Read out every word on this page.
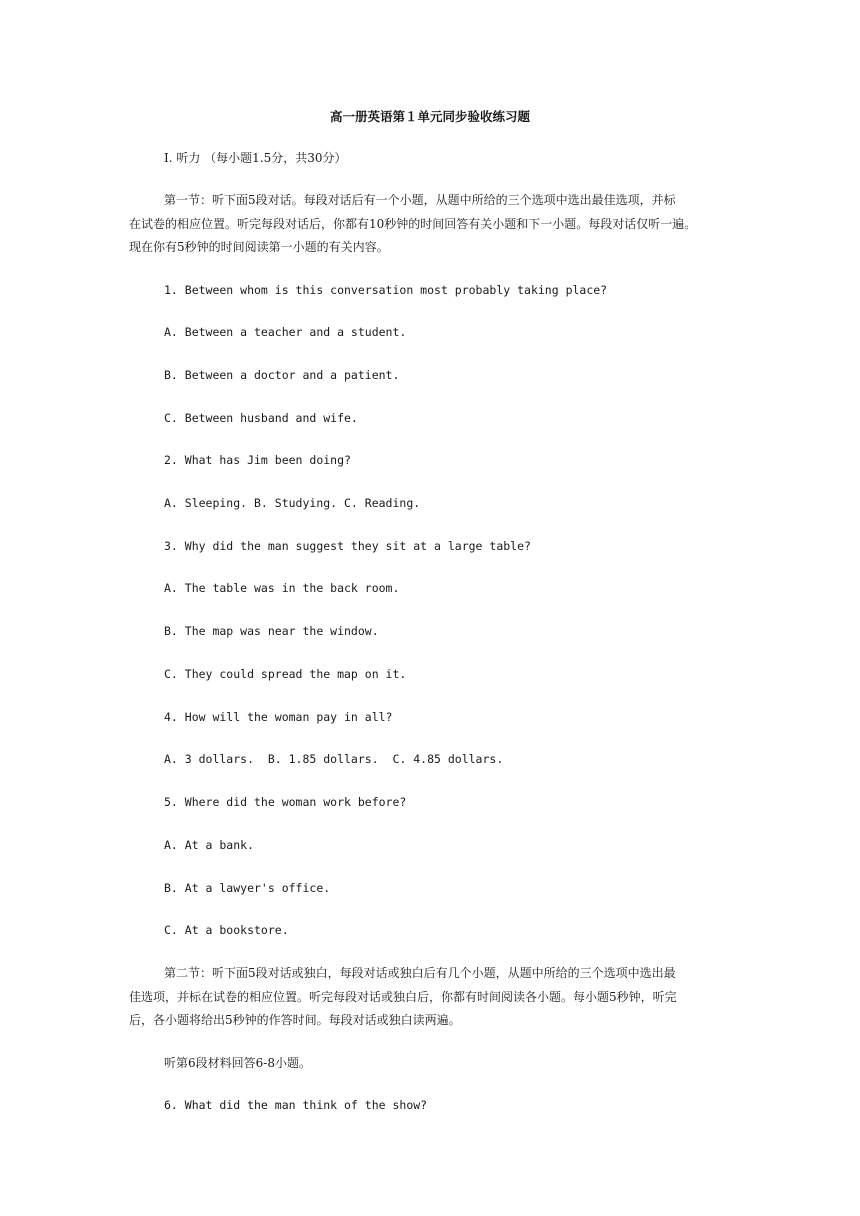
高一册英语第１单元同步验收练习题
I. 听力 （每小题1.5分，共30分）
第一节：听下面5段对话。每段对话后有一个小题，从题中所给的三个选项中选出最佳选项，并标
在试卷的相应位置。听完每段对话后，你都有10秒钟的时间回答有关小题和下一小题。每段对话仅听一遍。
现在你有5秒钟的时间阅读第一小题的有关内容。
1. Between whom is this conversation most probably taking place?
A. Between a teacher and a student.
B. Between a doctor and a patient.
C. Between husband and wife.
2. What has Jim been doing?
A. Sleeping. B. Studying. C. Reading.
3. Why did the man suggest they sit at a large table?
A. The table was in the back room.
B. The map was near the window.
C. They could spread the map on it.
4. How will the woman pay in all?
A. 3 dollars.  B. 1.85 dollars.  C. 4.85 dollars.
5. Where did the woman work before?
A. At a bank.
B. At a lawyer's office.
C. At a bookstore.
第二节：听下面5段对话或独白，每段对话或独白后有几个小题，从题中所给的三个选项中选出最
佳选项，并标在试卷的相应位置。听完每段对话或独白后，你都有时间阅读各小题。每小题5秒钟，听完
后，各小题将给出5秒钟的作答时间。每段对话或独白读两遍。
听第6段材料回答6-8小题。
6. What did the man think of the show?
